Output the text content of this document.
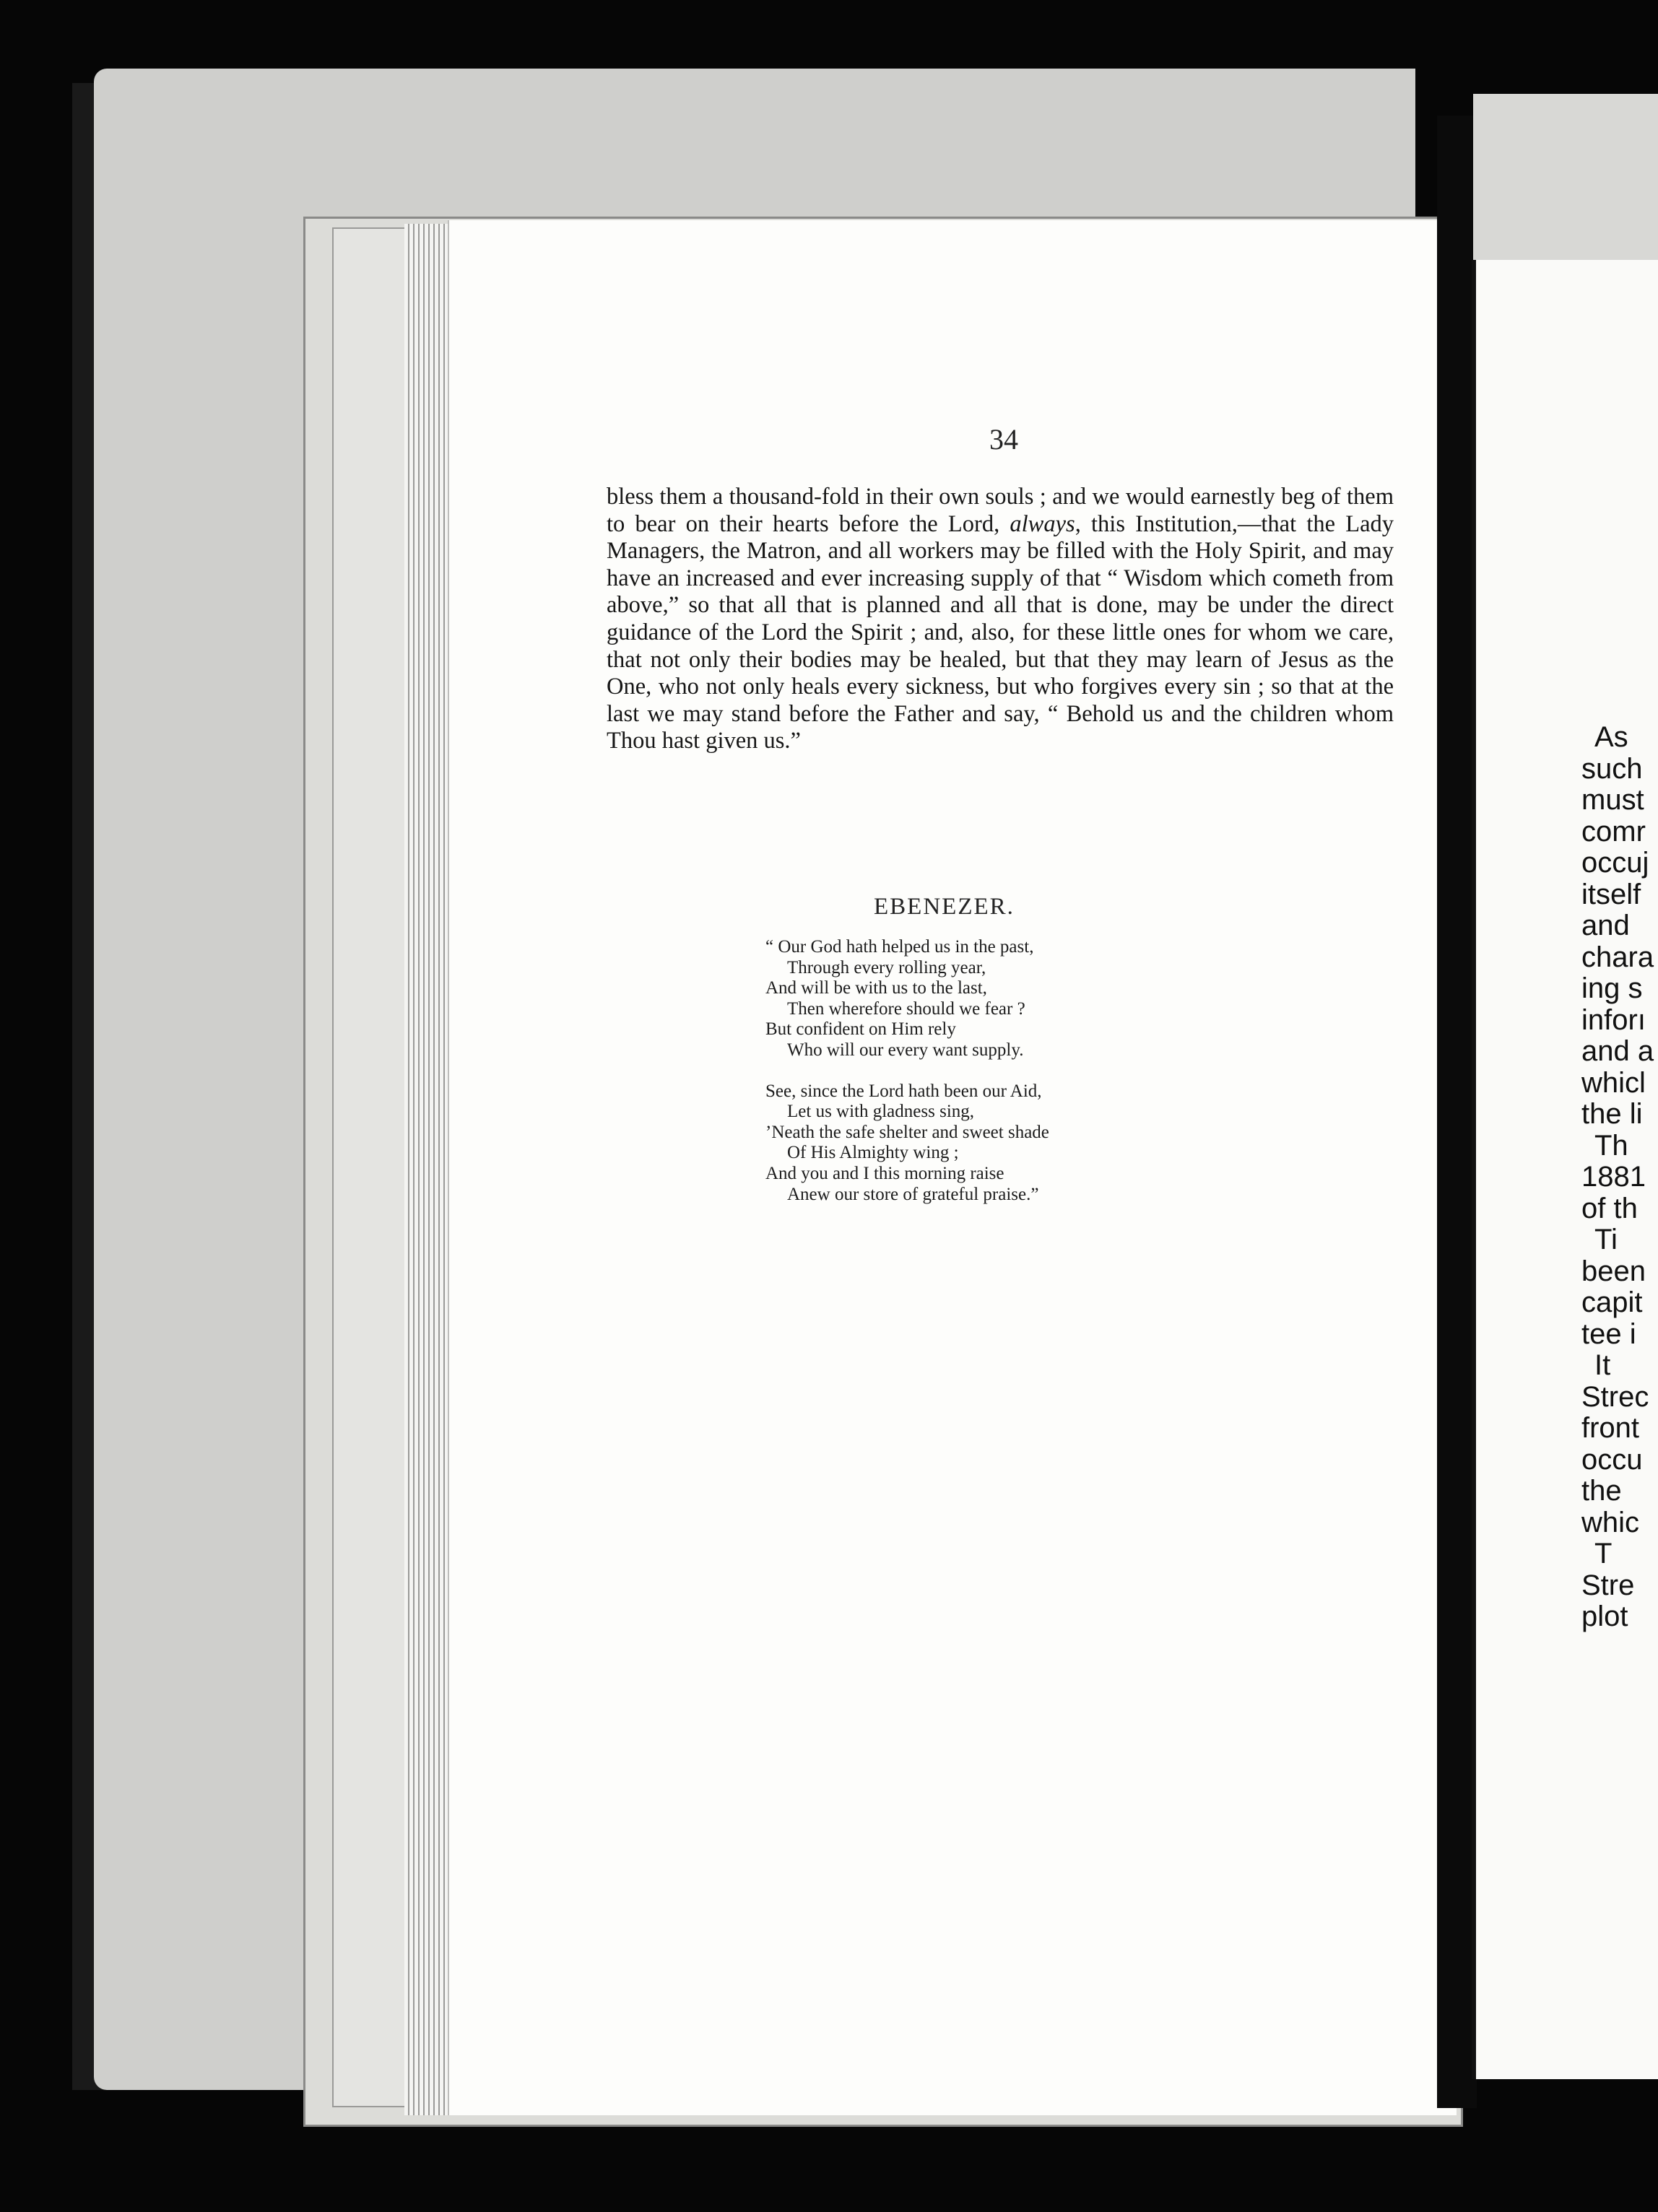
34

bless them a thousand-fold in their own souls ; and we would earnestly beg of them to bear on their hearts before the Lord, always, this Institution,—that the Lady Managers, the Matron, and all workers may be filled with the Holy Spirit, and may have an increased and ever increasing supply of that “ Wisdom which cometh from above,” so that all that is planned and all that is done, may be under the direct guidance of the Lord the Spirit ; and, also, for these little ones for whom we care, that not only their bodies may be healed, but that they may learn of Jesus as the One, who not only heals every sickness, but who forgives every sin ; so that at the last we may stand before the Father and say, “ Behold us and the children whom Thou hast given us.”

EBENEZER.
“ Our God hath helped us in the past,
Through every rolling year,
And will be with us to the last,
Then wherefore should we fear ?
But confident on Him rely
Who will our every want supply.
See, since the Lord hath been our Aid,
Let us with gladness sing,
’Neath the safe shelter and sweet shade
Of His Almighty wing ;
And you and I this morning raise
Anew our store of grateful praise.”
As
such
must
comr
occuj
itself
and
chara
ing s
inforı
and a
whicl
the li
Th
1881
of th
Ti
been
capit
tee i
It
Strec
front
occu
the
whic
T
Stre
plot
